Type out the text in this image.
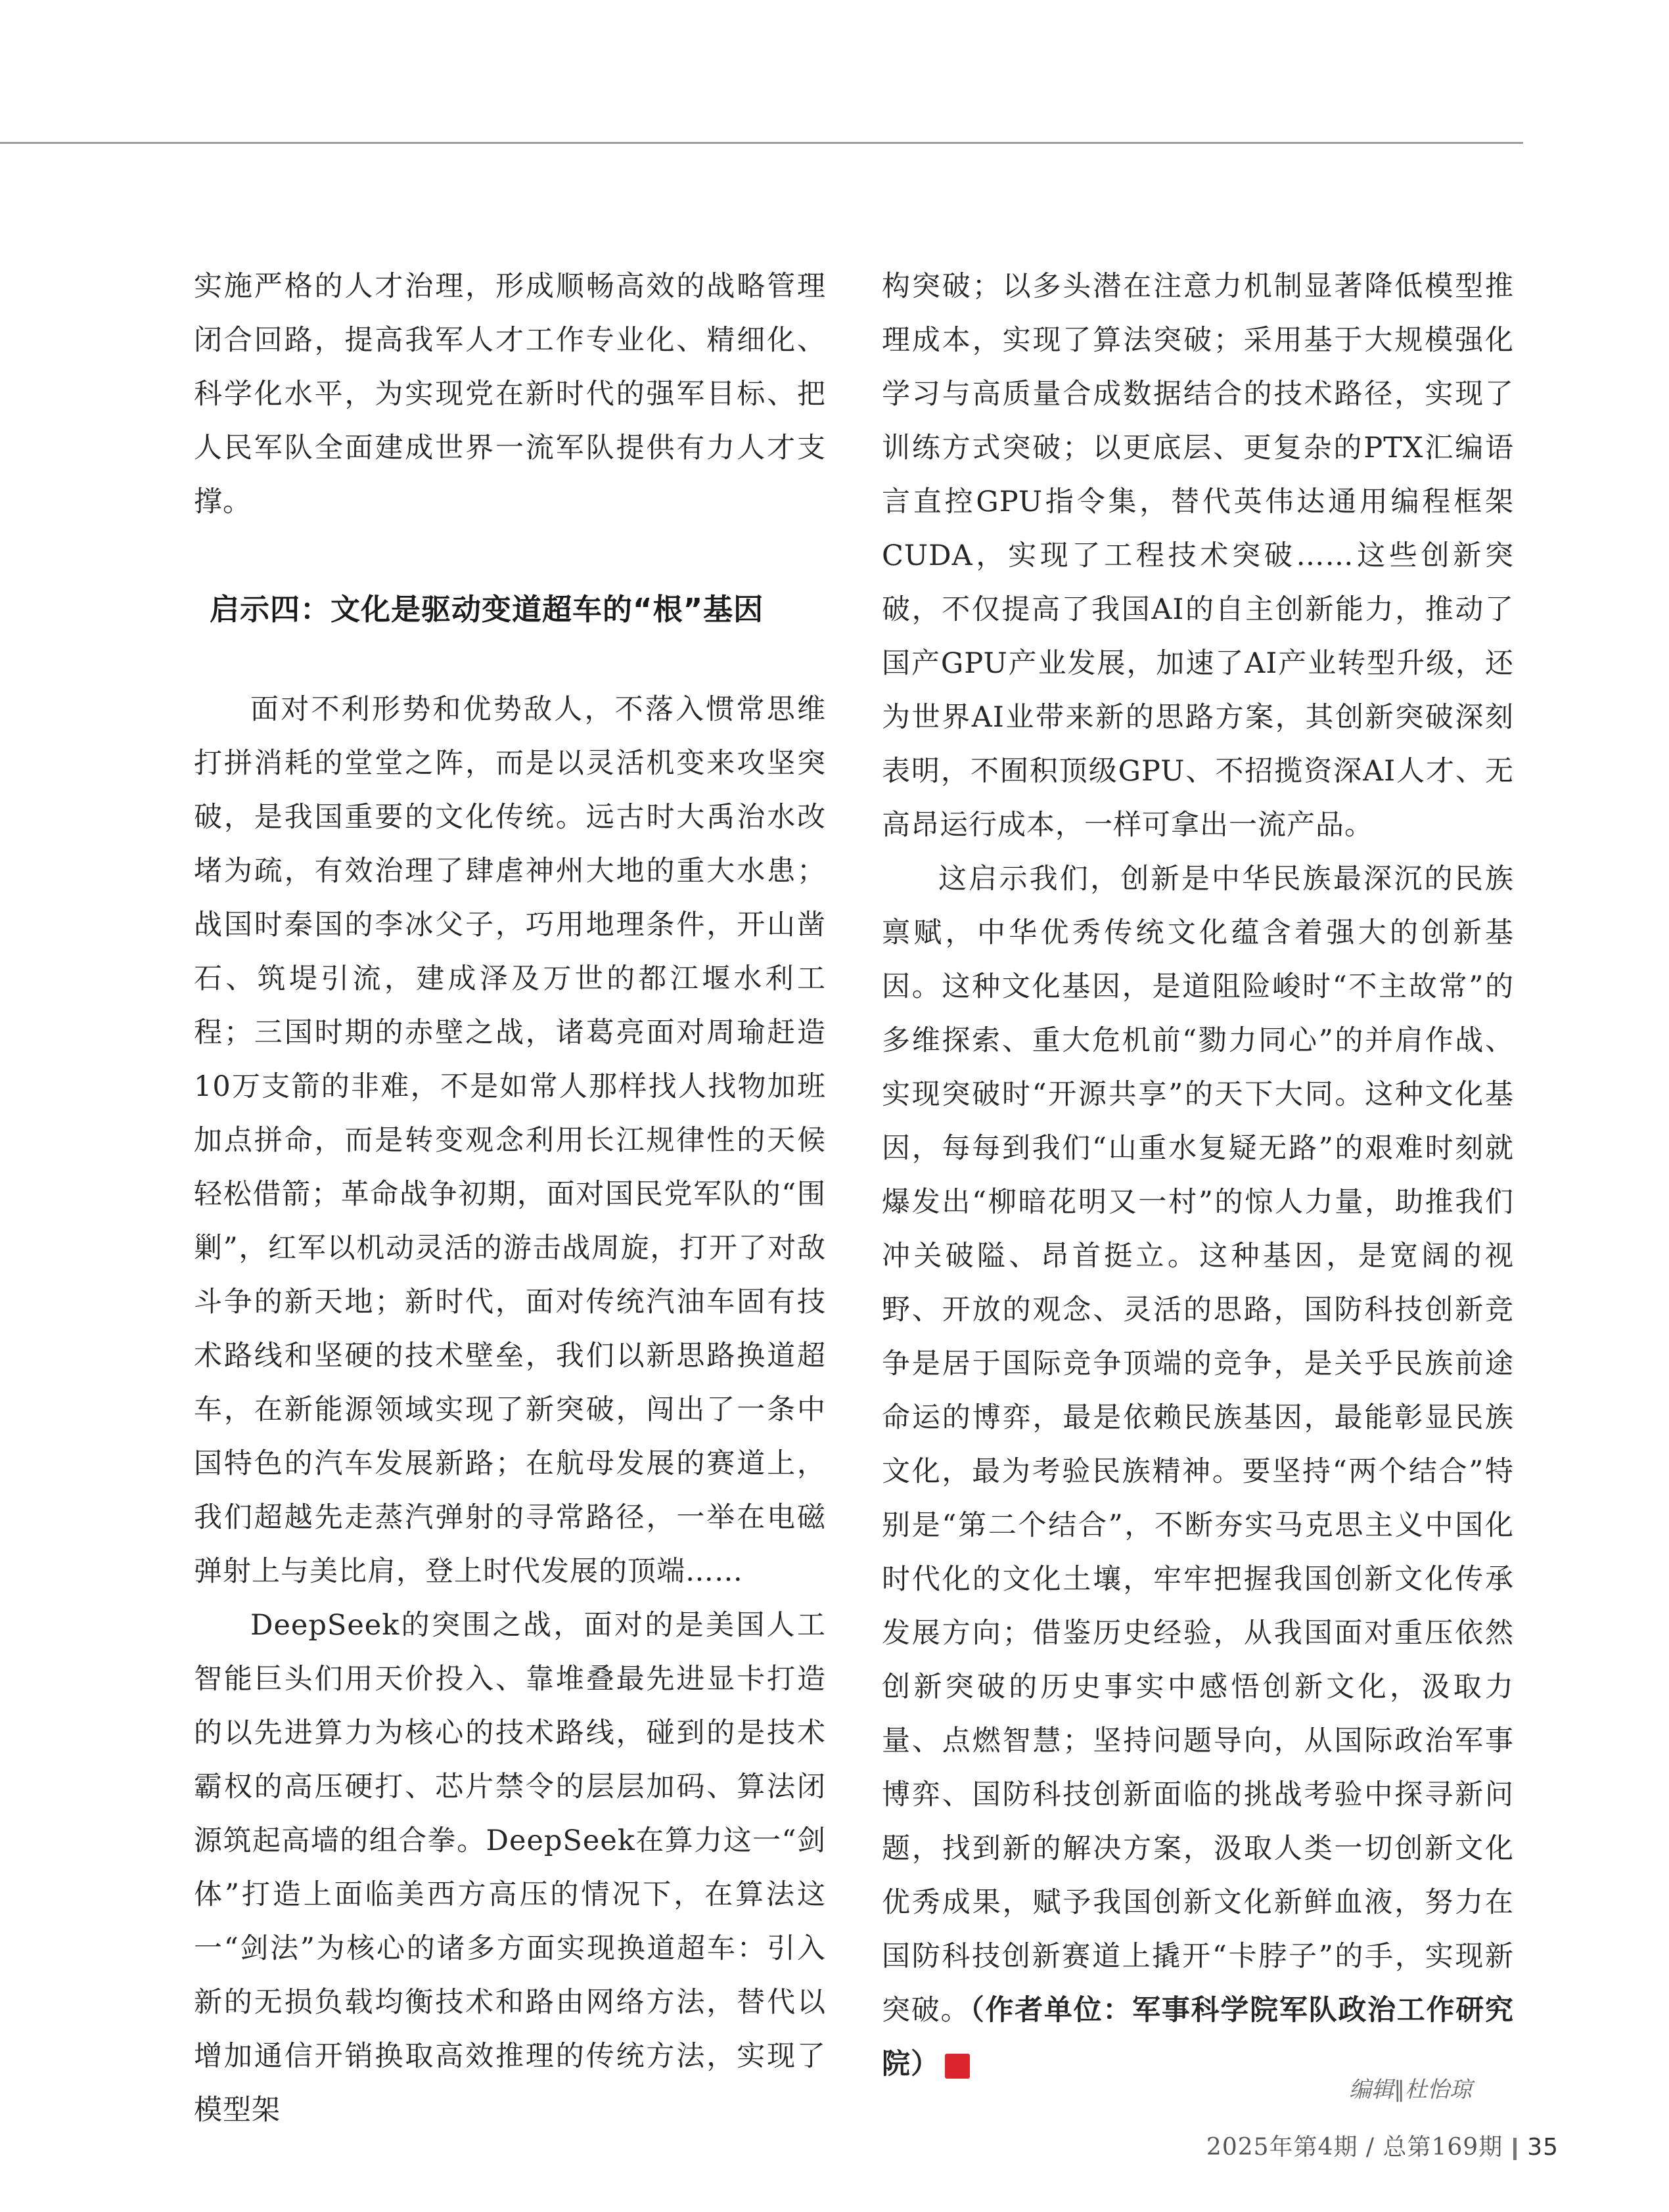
实施严格的人才治理，形成顺畅高效的战略管理闭合回路，提高我军人才工作专业化、精细化、科学化水平，为实现党在新时代的强军目标、把人民军队全面建成世界一流军队提供有力人才支撑。

启示四：文化是驱动变道超车的“根”基因

面对不利形势和优势敌人，不落入惯常思维打拼消耗的堂堂之阵，而是以灵活机变来攻坚突破，是我国重要的文化传统。远古时大禹治水改堵为疏，有效治理了肆虐神州大地的重大水患；战国时秦国的李冰父子，巧用地理条件，开山凿石、筑堤引流，建成泽及万世的都江堰水利工程；三国时期的赤壁之战，诸葛亮面对周瑜赶造10万支箭的非难，不是如常人那样找人找物加班加点拼命，而是转变观念利用长江规律性的天候轻松借箭；革命战争初期，面对国民党军队的“围剿”，红军以机动灵活的游击战周旋，打开了对敌斗争的新天地；新时代，面对传统汽油车固有技术路线和坚硬的技术壁垒，我们以新思路换道超车，在新能源领域实现了新突破，闯出了一条中国特色的汽车发展新路；在航母发展的赛道上，我们超越先走蒸汽弹射的寻常路径，一举在电磁弹射上与美比肩，登上时代发展的顶端……

DeepSeek的突围之战，面对的是美国人工智能巨头们用天价投入、靠堆叠最先进显卡打造的以先进算力为核心的技术路线，碰到的是技术霸权的高压硬打、芯片禁令的层层加码、算法闭源筑起高墙的组合拳。DeepSeek在算力这一“剑体”打造上面临美西方高压的情况下，在算法这一“剑法”为核心的诸多方面实现换道超车：引入新的无损负载均衡技术和路由网络方法，替代以增加通信开销换取高效推理的传统方法，实现了模型架

构突破；以多头潜在注意力机制显著降低模型推理成本，实现了算法突破；采用基于大规模强化学习与高质量合成数据结合的技术路径，实现了训练方式突破；以更底层、更复杂的PTX汇编语言直控GPU指令集，替代英伟达通用编程框架CUDA，实现了工程技术突破……这些创新突破，不仅提高了我国AI的自主创新能力，推动了国产GPU产业发展，加速了AI产业转型升级，还为世界AI业带来新的思路方案，其创新突破深刻表明，不囿积顶级GPU、不招揽资深AI人才、无高昂运行成本，一样可拿出一流产品。

这启示我们，创新是中华民族最深沉的民族禀赋，中华优秀传统文化蕴含着强大的创新基因。这种文化基因，是道阻险峻时“不主故常”的多维探索、重大危机前“勠力同心”的并肩作战、实现突破时“开源共享”的天下大同。这种文化基因，每每到我们“山重水复疑无路”的艰难时刻就爆发出“柳暗花明又一村”的惊人力量，助推我们冲关破隘、昂首挺立。这种基因，是宽阔的视野、开放的观念、灵活的思路，国防科技创新竞争是居于国际竞争顶端的竞争，是关乎民族前途命运的博弈，最是依赖民族基因，最能彰显民族文化，最为考验民族精神。要坚持“两个结合”特别是“第二个结合”，不断夯实马克思主义中国化时代化的文化土壤，牢牢把握我国创新文化传承发展方向；借鉴历史经验，从我国面对重压依然创新突破的历史事实中感悟创新文化，汲取力量、点燃智慧；坚持问题导向，从国际政治军事博弈、国防科技创新面临的挑战考验中探寻新问题，找到新的解决方案，汲取人类一切创新文化优秀成果，赋予我国创新文化新鲜血液，努力在国防科技创新赛道上撬开“卡脖子”的手，实现新突破。（作者单位：军事科学院军队政治工作研究院）	G

编辑∥杜怡琼
2025年第4期 / 总第169期 35
